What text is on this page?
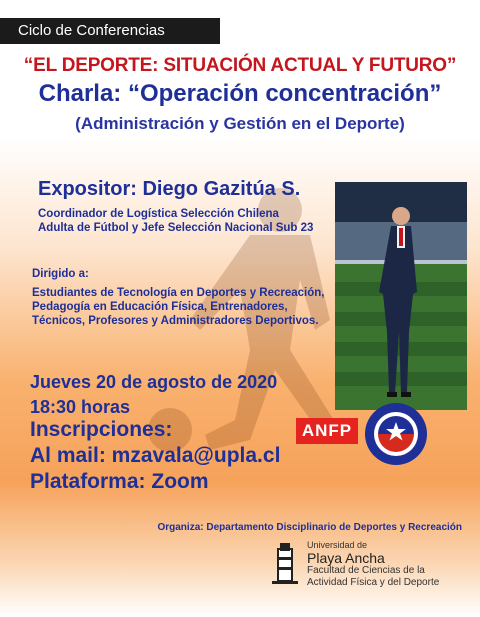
Ciclo de Conferencias
“EL DEPORTE: SITUACIÓN ACTUAL Y FUTURO”
Charla: “Operación concentración”
(Administración y Gestión en el Deporte)
Expositor: Diego Gazitúa S.
Coordinador de Logística Selección Chilena
Adulta de Fútbol y Jefe Selección Nacional Sub 23
Dirigido a:
Estudiantes de Tecnología en Deportes y Recreación,
Pedagogía en Educación Física, Entrenadores,
Técnicos, Profesores y Administradores Deportivos.
Jueves 20 de agosto de 2020
18:30 horas
Inscripciones:
Al mail: mzavala@upla.cl
Plataforma: Zoom
ANFP
Organiza: Departamento Disciplinario de Deportes y Recreación
Universidad de
Playa Ancha
Facultad de Ciencias de la
Actividad Física y del Deporte
